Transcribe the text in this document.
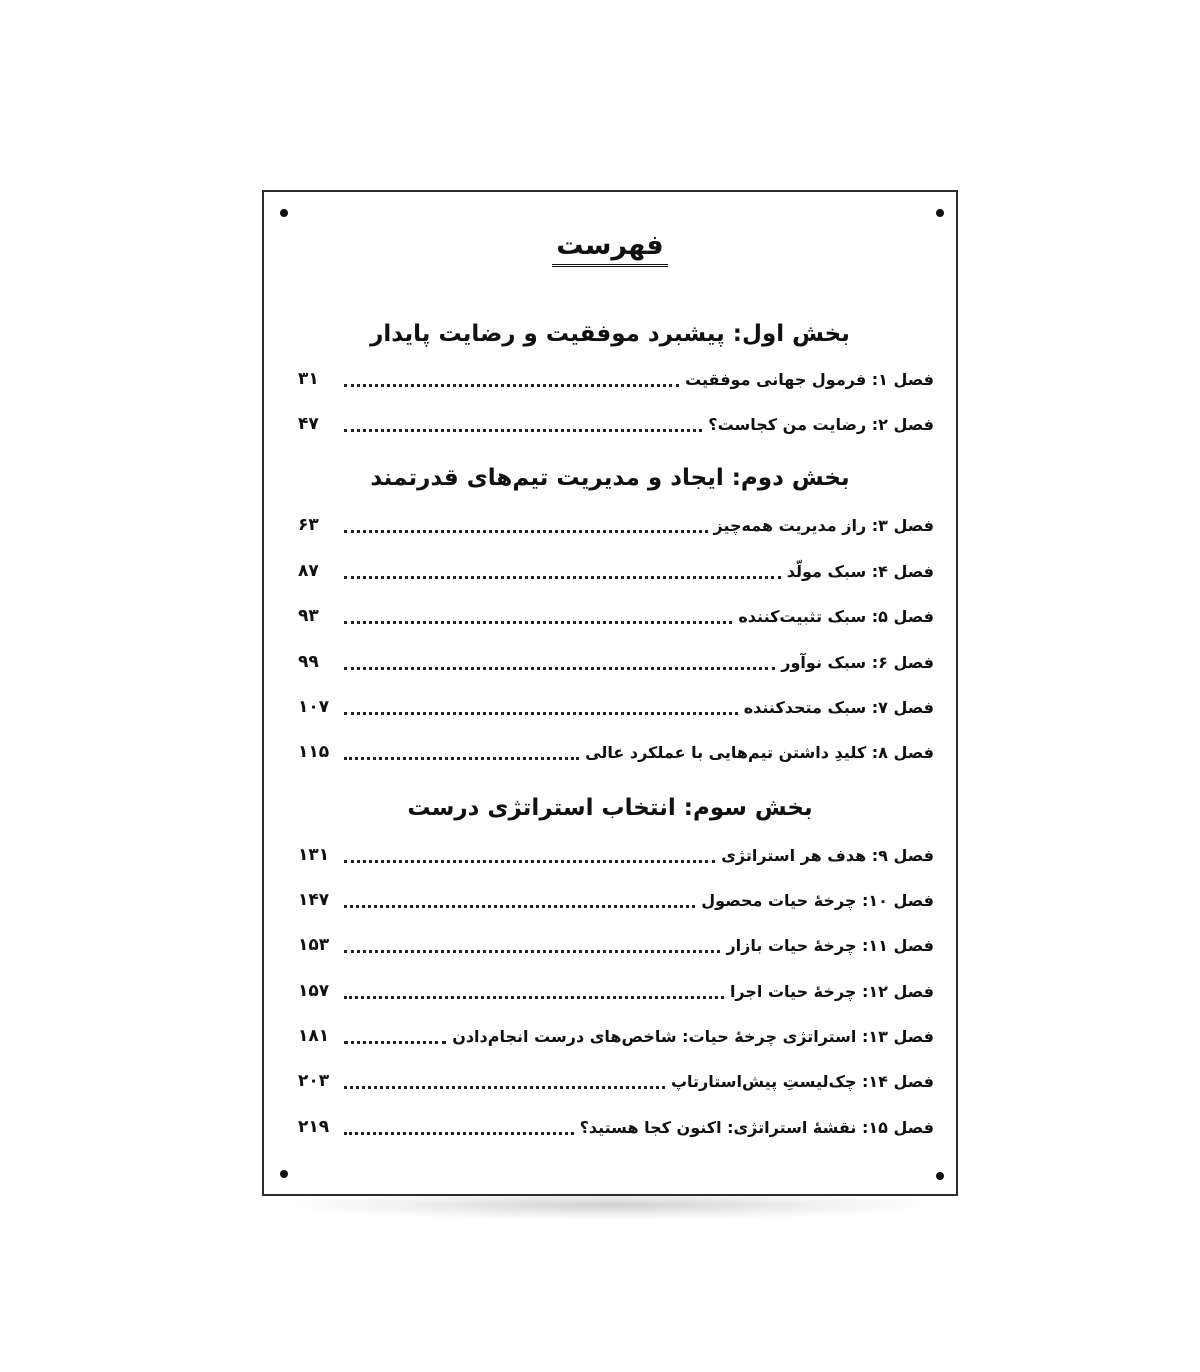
فهرست
بخش اول: پیشبرد موفقیت و رضایت پایدار
فصل ۱: فرمول جهانی موفقیت
۳۱
فصل ۲: رضایت من کجاست؟
۴۷
بخش دوم: ایجاد و مدیریت تیم‌های قدرتمند
فصل ۳: راز مدیریت همه‌چیز
۶۳
فصل ۴: سبک مولّد
۸۷
فصل ۵: سبک تثبیت‌کننده
۹۳
فصل ۶: سبک نوآور
۹۹
فصل ۷: سبک متحدکننده
۱۰۷
فصل ۸: کلیدِ داشتن تیم‌هایی با عملکرد عالی
۱۱۵
بخش سوم: انتخاب استراتژی درست
فصل ۹: هدف هر استراتژی
۱۳۱
فصل ۱۰: چرخهٔ حیات محصول
۱۴۷
فصل ۱۱: چرخهٔ حیات بازار
۱۵۳
فصل ۱۲: چرخهٔ حیات اجرا
۱۵۷
فصل ۱۳: استراتژی چرخهٔ حیات: شاخص‌های درست انجام‌دادن
۱۸۱
فصل ۱۴: چک‌لیستِ پیش‌استارتاپ
۲۰۳
فصل ۱۵: نقشهٔ استراتژی: اکنون کجا هستید؟
۲۱۹
